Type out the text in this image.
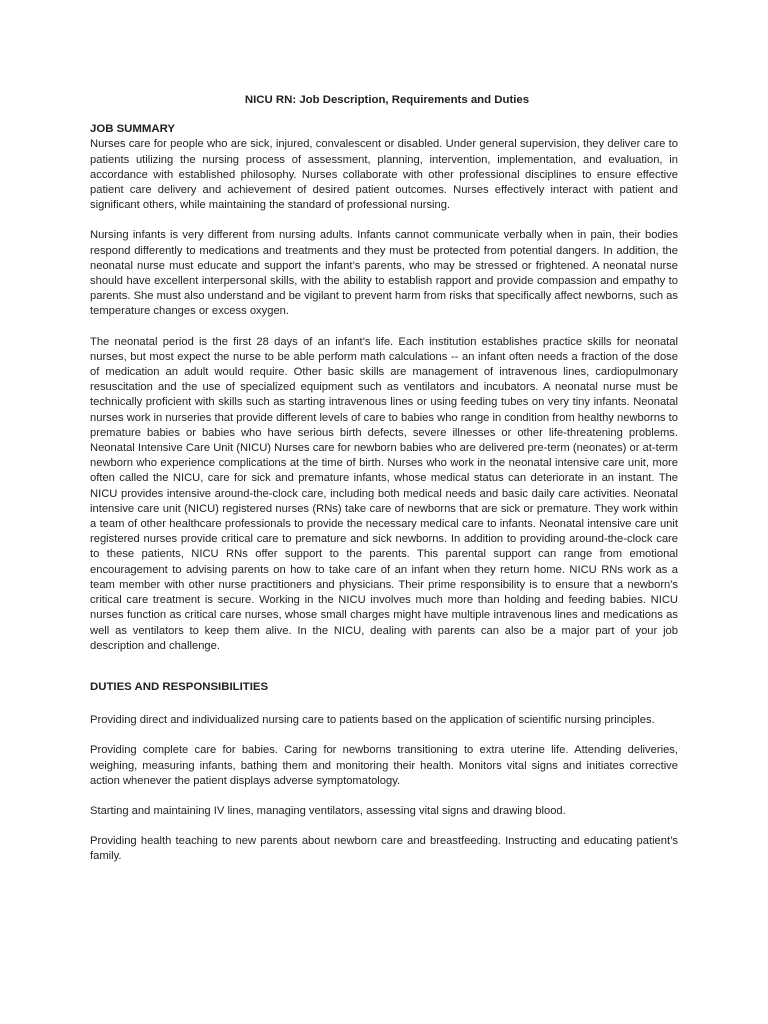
NICU RN: Job Description, Requirements and Duties
JOB SUMMARY

Nurses care for people who are sick, injured, convalescent or disabled. Under general supervision, they deliver care to patients utilizing the nursing process of assessment, planning, intervention, implementation, and evaluation, in accordance with established philosophy. Nurses collaborate with other professional disciplines to ensure effective patient care delivery and achievement of desired patient outcomes. Nurses effectively interact with patient and significant others, while maintaining the standard of professional nursing.

Nursing infants is very different from nursing adults. Infants cannot communicate verbally when in pain, their bodies respond differently to medications and treatments and they must be protected from potential dangers. In addition, the neonatal nurse must educate and support the infant’s parents, who may be stressed or frightened. A neonatal nurse should have excellent interpersonal skills, with the ability to establish rapport and provide compassion and empathy to parents. She must also understand and be vigilant to prevent harm from risks that specifically affect newborns, such as temperature changes or excess oxygen.

The neonatal period is the first 28 days of an infant’s life. Each institution establishes practice skills for neonatal nurses, but most expect the nurse to be able perform math calculations -- an infant often needs a fraction of the dose of medication an adult would require. Other basic skills are management of intravenous lines, cardiopulmonary resuscitation and the use of specialized equipment such as ventilators and incubators. A neonatal nurse must be technically proficient with skills such as starting intravenous lines or using feeding tubes on very tiny infants. Neonatal nurses work in nurseries that provide different levels of care to babies who range in condition from healthy newborns to premature babies or babies who have serious birth defects, severe illnesses or other life-threatening problems. Neonatal Intensive Care Unit (NICU) Nurses care for newborn babies who are delivered pre-term (neonates) or at-term newborn who experience complications at the time of birth. Nurses who work in the neonatal intensive care unit, more often called the NICU, care for sick and premature infants, whose medical status can deteriorate in an instant. The NICU provides intensive around-the-clock care, including both medical needs and basic daily care activities. Neonatal intensive care unit (NICU) registered nurses (RNs) take care of newborns that are sick or premature. They work within a team of other healthcare professionals to provide the necessary medical care to infants. Neonatal intensive care unit registered nurses provide critical care to premature and sick newborns. In addition to providing around-the-clock care to these patients, NICU RNs offer support to the parents. This parental support can range from emotional encouragement to advising parents on how to take care of an infant when they return home. NICU RNs work as a team member with other nurse practitioners and physicians. Their prime responsibility is to ensure that a newborn's critical care treatment is secure. Working in the NICU involves much more than holding and feeding babies. NICU nurses function as critical care nurses, whose small charges might have multiple intravenous lines and medications as well as ventilators to keep them alive. In the NICU, dealing with parents can also be a major part of your job description and challenge.

DUTIES AND RESPONSIBILITIES

Providing direct and individualized nursing care to patients based on the application of scientific nursing principles.

Providing complete care for babies. Caring for newborns transitioning to extra uterine life. Attending deliveries, weighing, measuring infants, bathing them and monitoring their health. Monitors vital signs and initiates corrective action whenever the patient displays adverse symptomatology.

Starting and maintaining IV lines, managing ventilators, assessing vital signs and drawing blood.

Providing health teaching to new parents about newborn care and breastfeeding. Instructing and educating patient’s family.
